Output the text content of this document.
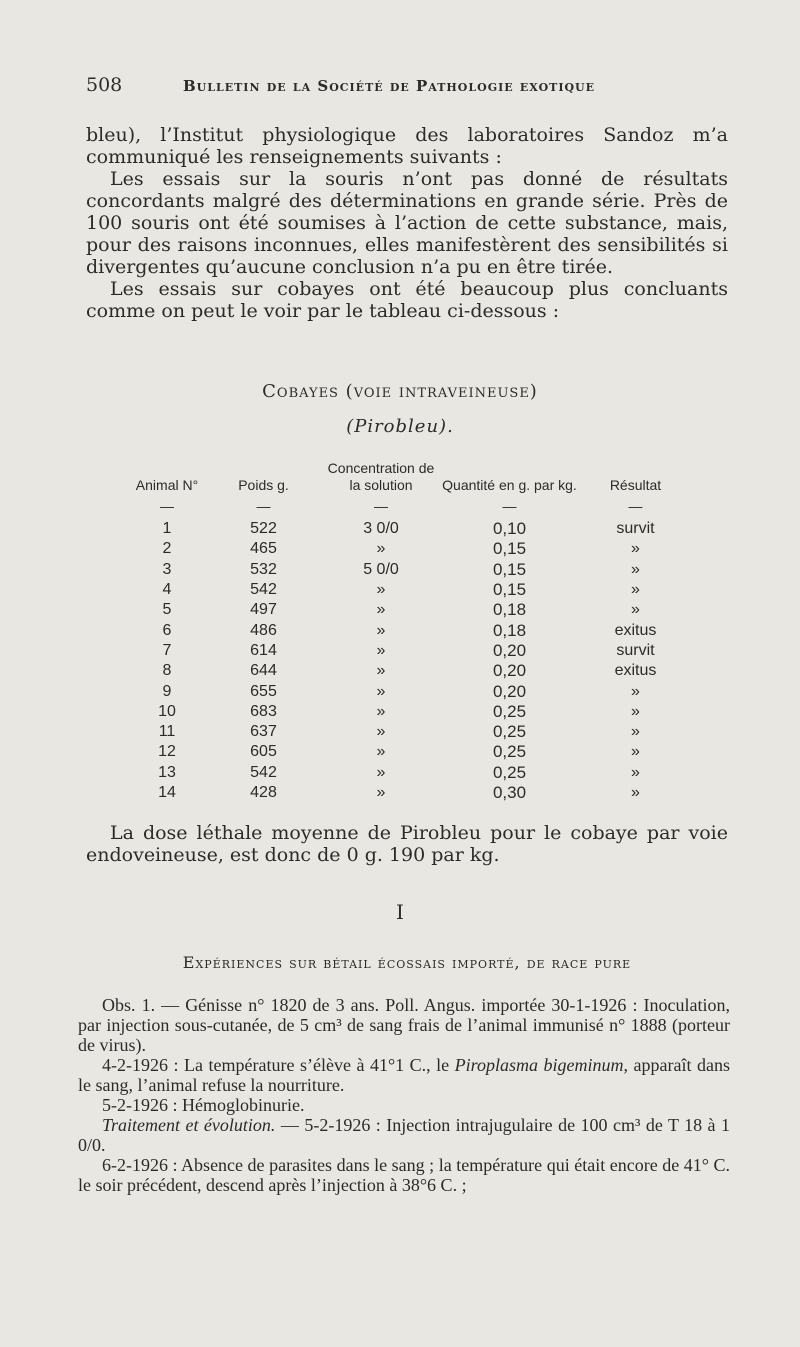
508	Bulletin de la Société de Pathologie exotique

bleu), l’Institut physiologique des laboratoires Sandoz m’a communiqué les renseignements suivants :

Les essais sur la souris n’ont pas donné de résultats concordants malgré des déterminations en grande série. Près de 100 souris ont été soumises à l’action de cette substance, mais, pour des raisons inconnues, elles manifestèrent des sensibilités si divergentes qu’aucune conclusion n’a pu en être tirée.

Les essais sur cobayes ont été beaucoup plus concluants comme on peut le voir par le tableau ci-dessous :

Cobayes (voie intraveineuse)
(Pirobleu).
Animal N°	Poids g.	Concentration de la solution	Quantité en g. par kg.	Résultat
—	—	—	—	—
1	522	3 0/0	0,10	survit
2	465	»	0,15	»
3	532	5 0/0	0,15	»
4	542	»	0,15	»
5	497	»	0,18	»
6	486	»	0,18	exitus
7	614	»	0,20	survit
8	644	»	0,20	exitus
9	655	»	0,20	»
10	683	»	0,25	»
11	637	»	0,25	»
12	605	»	0,25	»
13	542	»	0,25	»
14	428	»	0,30	»

La dose léthale moyenne de Pirobleu pour le cobaye par voie endoveineuse, est donc de 0 g. 190 par kg.

I
Expériences sur bétail écossais importé, de race pure

Obs. 1. — Génisse n° 1820 de 3 ans. Poll. Angus. importée 30-1-1926 : Inoculation, par injection sous-cutanée, de 5 cm³ de sang frais de l’animal immunisé n° 1888 (porteur de virus).

4-2-1926 : La température s’élève à 41°1 C., le Piroplasma bigeminum, apparaît dans le sang, l’animal refuse la nourriture.

5-2-1926 : Hémoglobinurie.

Traitement et évolution. — 5-2-1926 : Injection intrajugulaire de 100 cm³ de T 18 à 1 0/0.

6-2-1926 : Absence de parasites dans le sang ; la température qui était encore de 41° C. le soir précédent, descend après l’injection à 38°6 C. ;
